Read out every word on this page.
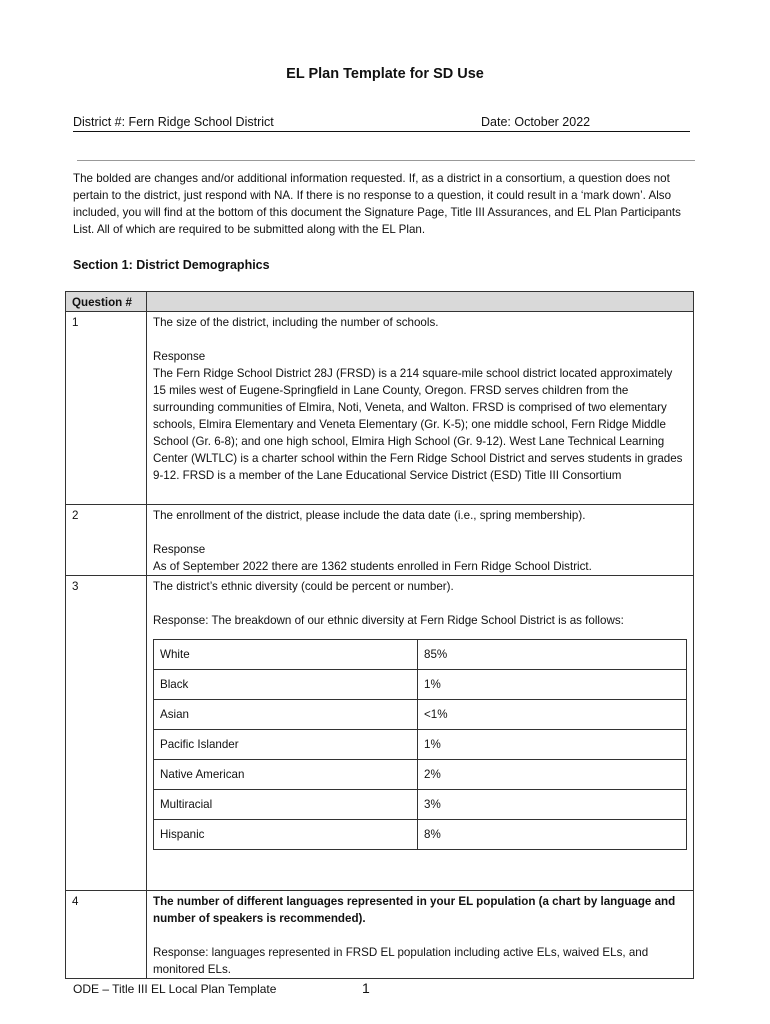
EL Plan Template for SD Use
District #: Fern Ridge School District	Date: October 2022
The bolded are changes and/or additional information requested. If, as a district in a consortium, a question does not pertain to the district, just respond with NA. If there is no response to a question, it could result in a ‘mark down’. Also included, you will find at the bottom of this document the Signature Page, Title III Assurances, and EL Plan Participants List. All of which are required to be submitted along with the EL Plan.
Section 1: District Demographics
Question #	
1	The size of the district, including the number of schools.
Response
The Fern Ridge School District 28J (FRSD) is a 214 square-mile school district located approximately 15 miles west of Eugene-Springfield in Lane County, Oregon. FRSD serves children from the surrounding communities of Elmira, Noti, Veneta, and Walton. FRSD is comprised of two elementary schools, Elmira Elementary and Veneta Elementary (Gr. K-5); one middle school, Fern Ridge Middle School (Gr. 6-8); and one high school, Elmira High School (Gr. 9-12). West Lane Technical Learning Center (WLTLC) is a charter school within the Fern Ridge School District and serves students in grades 9-12. FRSD is a member of the Lane Educational Service District (ESD) Title III Consortium

2	The enrollment of the district, please include the data date (i.e., spring membership).
Response
As of September 2022 there are 1362 students enrolled in Fern Ridge School District.

3	The district’s ethnic diversity (could be percent or number).
Response: The breakdown of our ethnic diversity at Fern Ridge School District is as follows:
White	85%
Black	1%
Asian	<1%
Pacific Islander	1%
Native American	2%
Multiracial	3%
Hispanic	8%

4	The number of different languages represented in your EL population (a chart by language and number of speakers is recommended).
Response: languages represented in FRSD EL population including active ELs, waived ELs, and monitored ELs.
ODE – Title III EL Local Plan Template	1
